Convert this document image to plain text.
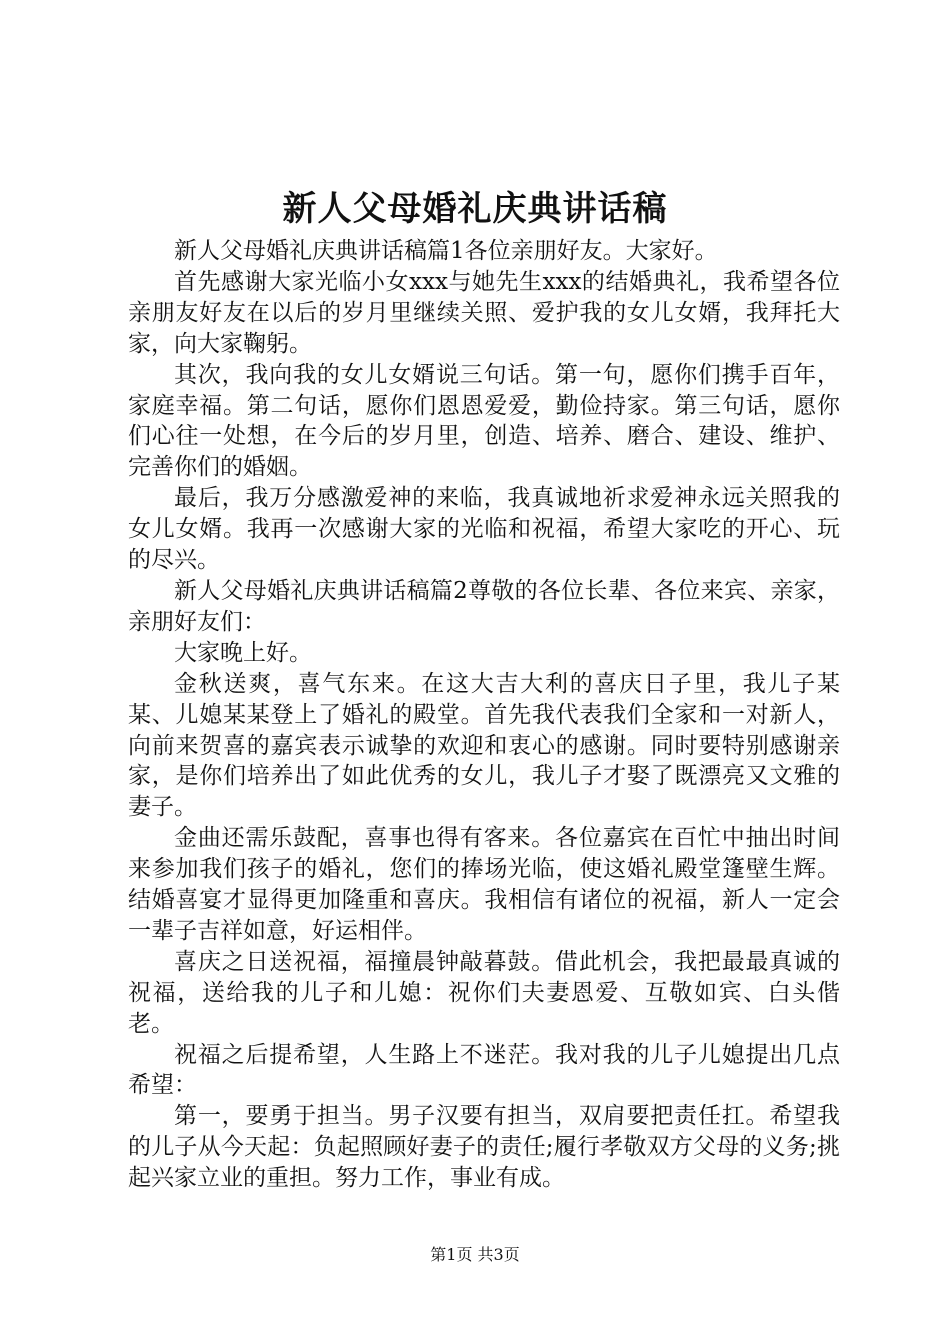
新人父母婚礼庆典讲话稿

新人父母婚礼庆典讲话稿篇1各位亲朋好友。大家好。

首先感谢大家光临小女xxx与她先生xxx的结婚典礼，我希望各位亲朋友好友在以后的岁月里继续关照、爱护我的女儿女婿，我拜托大家，向大家鞠躬。

其次，我向我的女儿女婿说三句话。第一句，愿你们携手百年，家庭幸福。第二句话，愿你们恩恩爱爱，勤俭持家。第三句话，愿你们心往一处想，在今后的岁月里，创造、培养、磨合、建设、维护、完善你们的婚姻。

最后，我万分感激爱神的来临，我真诚地祈求爱神永远关照我的女儿女婿。我再一次感谢大家的光临和祝福，希望大家吃的开心、玩的尽兴。

新人父母婚礼庆典讲话稿篇2尊敬的各位长辈、各位来宾、亲家，亲朋好友们：

大家晚上好。

金秋送爽，喜气东来。在这大吉大利的喜庆日子里，我儿子某某、儿媳某某登上了婚礼的殿堂。首先我代表我们全家和一对新人，向前来贺喜的嘉宾表示诚挚的欢迎和衷心的感谢。同时要特别感谢亲家，是你们培养出了如此优秀的女儿，我儿子才娶了既漂亮又文雅的妻子。

金曲还需乐鼓配，喜事也得有客来。各位嘉宾在百忙中抽出时间来参加我们孩子的婚礼，您们的捧场光临，使这婚礼殿堂篷壁生辉。结婚喜宴才显得更加隆重和喜庆。我相信有诸位的祝福，新人一定会一辈子吉祥如意，好运相伴。

喜庆之日送祝福，福撞晨钟敲暮鼓。借此机会，我把最最真诚的祝福，送给我的儿子和儿媳：祝你们夫妻恩爱、互敬如宾、白头偕老。

祝福之后提希望，人生路上不迷茫。我对我的儿子儿媳提出几点希望：

第一，要勇于担当。男子汉要有担当，双肩要把责任扛。希望我的儿子从今天起：负起照顾好妻子的责任;履行孝敬双方父母的义务;挑起兴家立业的重担。努力工作，事业有成。

第1页 共3页
